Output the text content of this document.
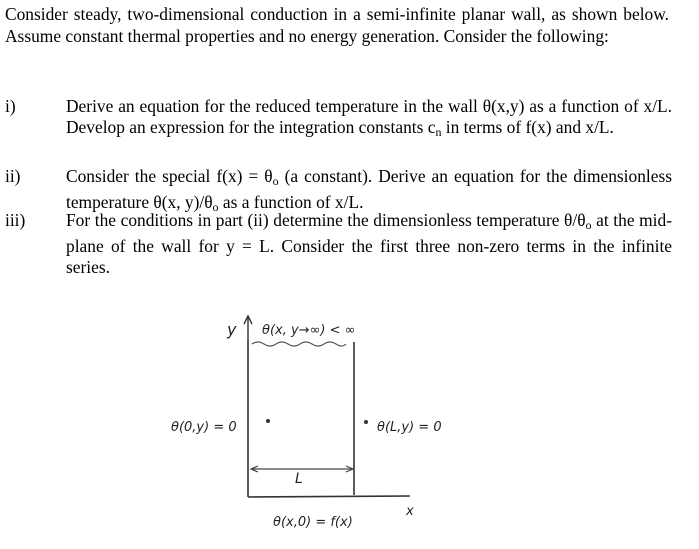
Consider steady, two-dimensional conduction in a semi-infinite planar wall, as shown below. Assume constant thermal properties and no energy generation. Consider the following:

i)	Derive an equation for the reduced temperature in the wall θ(x,y) as a function of x/L. Develop an expression for the integration constants $c_n$ in terms of f(x) and x/L.

ii)	Consider the special $f(x) = \theta_o$ (a constant). Derive an equation for the dimensionless temperature θ(x, $y)/\theta_o$ as a function of x/L.

iii) For the conditions in part (ii) determine the dimensionless temperature $\theta/\theta_o$ at the mid-plane of the wall for y = L. Consider the first three non-zero terms in the infinite series.

y θ(x, y→∞) < ∞
θ(0,y) = 0	θ(L,y) = 0
L
x
θ(x,0) = f(x)
